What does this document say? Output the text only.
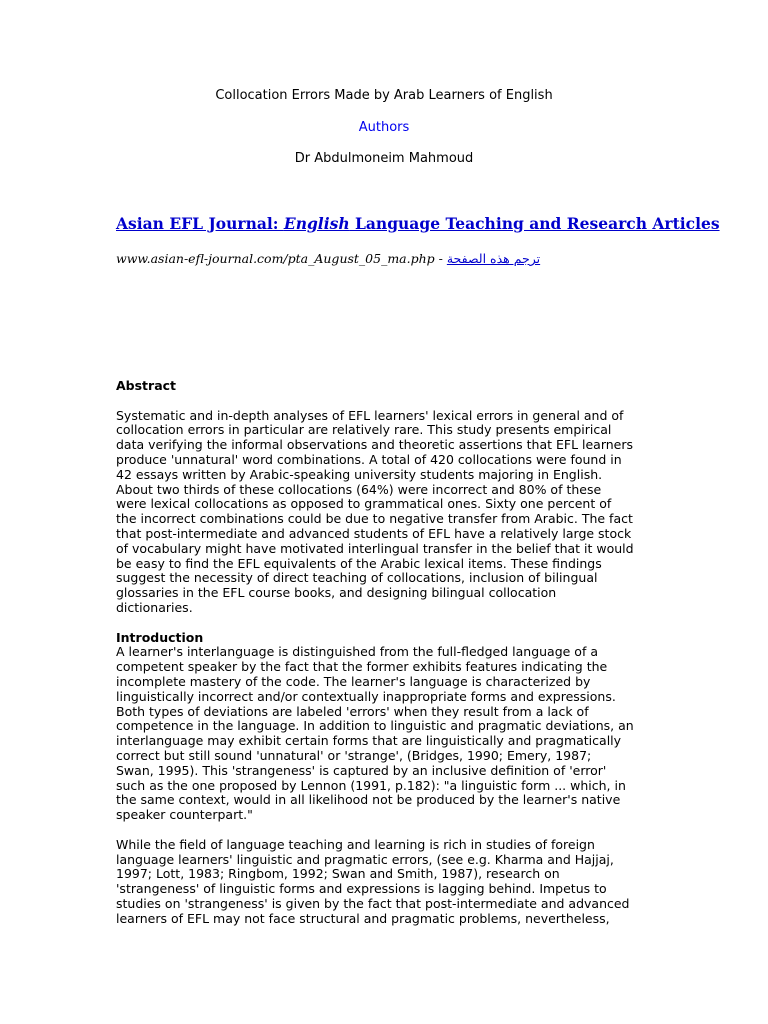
Collocation Errors Made by Arab Learners of English
Authors
Dr Abdulmoneim Mahmoud
Asian EFL Journal: English Language Teaching and Research Articles
www.asian-efl-journal.com/pta_August_05_ma.php - ترجم هذه الصفحة
Abstract

Systematic and in-depth analyses of EFL learners' lexical errors in general and of
collocation errors in particular are relatively rare. This study presents empirical
data verifying the informal observations and theoretic assertions that EFL learners
produce 'unnatural' word combinations. A total of 420 collocations were found in
42 essays written by Arabic-speaking university students majoring in English.
About two thirds of these collocations (64%) were incorrect and 80% of these
were lexical collocations as opposed to grammatical ones. Sixty one percent of
the incorrect combinations could be due to negative transfer from Arabic. The fact
that post-intermediate and advanced students of EFL have a relatively large stock
of vocabulary might have motivated interlingual transfer in the belief that it would
be easy to find the EFL equivalents of the Arabic lexical items. These findings
suggest the necessity of direct teaching of collocations, inclusion of bilingual
glossaries in the EFL course books, and designing bilingual collocation
dictionaries.

Introduction

A learner's interlanguage is distinguished from the full-fledged language of a
competent speaker by the fact that the former exhibits features indicating the
incomplete mastery of the code. The learner's language is characterized by
linguistically incorrect and/or contextually inappropriate forms and expressions.
Both types of deviations are labeled 'errors' when they result from a lack of
competence in the language. In addition to linguistic and pragmatic deviations, an
interlanguage may exhibit certain forms that are linguistically and pragmatically
correct but still sound 'unnatural' or 'strange', (Bridges, 1990; Emery, 1987;
Swan, 1995). This 'strangeness' is captured by an inclusive definition of 'error'
such as the one proposed by Lennon (1991, p.182): "a linguistic form ... which, in
the same context, would in all likelihood not be produced by the learner's native
speaker counterpart."

While the field of language teaching and learning is rich in studies of foreign
language learners' linguistic and pragmatic errors, (see e.g. Kharma and Hajjaj,
1997; Lott, 1983; Ringbom, 1992; Swan and Smith, 1987), research on
'strangeness' of linguistic forms and expressions is lagging behind. Impetus to
studies on 'strangeness' is given by the fact that post-intermediate and advanced
learners of EFL may not face structural and pragmatic problems, nevertheless,
